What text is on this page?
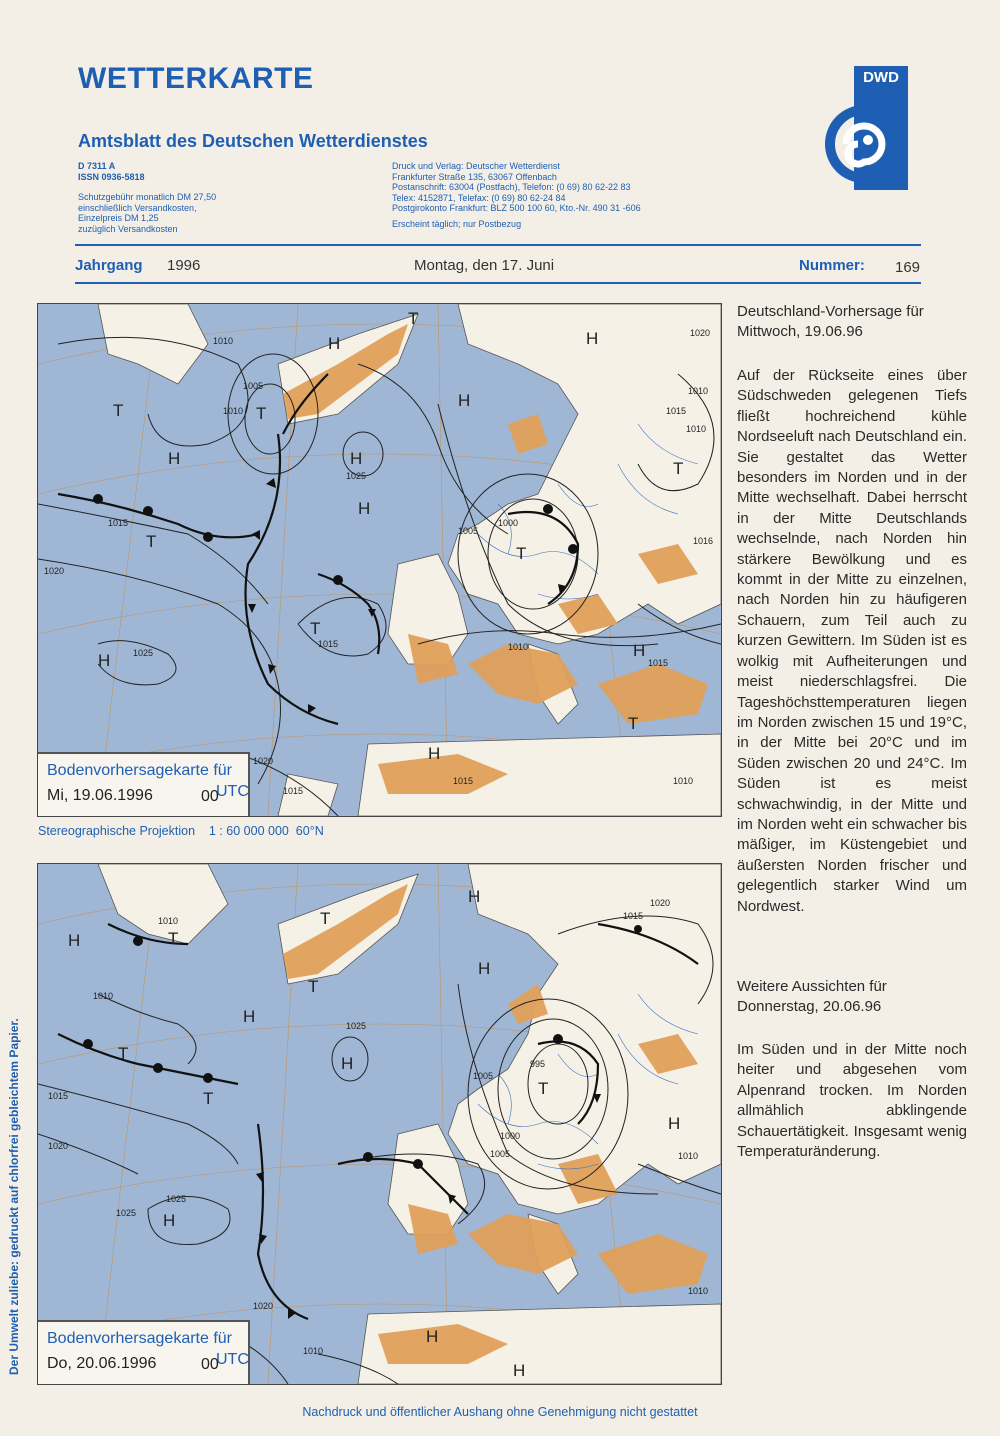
WETTERKARTE
Amtsblatt des Deutschen Wetterdienstes
D 7311 A
ISSN 0936-5818
Schutzgebühr monatlich DM 27,50
einschließlich Versandkosten,
Einzelpreis DM 1,25
zuzüglich Versandkosten
Druck und Verlag: Deutscher Wetterdienst
Frankfurter Straße 135, 63067 Offenbach
Postanschrift: 63004 (Postfach), Telefon: (0 69) 80 62-22 83
Telex: 4152871, Telefax: (0 69) 80 62-24 84
Postgirokonto Frankfurt: BLZ 500 100 60, Kto.-Nr. 490 31 -606
Erscheint täglich; nur Postbezug
DWD
Jahrgang 1996	Montag, den 17. Juni	Nummer: 169
H
H
H
H
H
H
H
H
H
T	T
T
T
T
T
T
T
1010
1005
1010
1025
1015
1020
1025
1015
1005
1000
1010
1015
1020
1016
1010
1015
1020
1015
1010
1015	1010
Bodenvorhersagekarte für
Mi, 19.06.1996	00
UTC
Stereographische Projektion    1 : 60 000 000  60°N
H
H
H
H
H
H
H
H
H
T
T
T
T
T
T
1010
1010
1025
1015
1020
1025
1025
1005
995
1000
1005
1015
1020
1010
1020
1010
1010
Bodenvorhersagekarte für
Do, 20.06.1996	00
UTC
Der Umwelt zuliebe: gedruckt auf chlorfrei gebleichtem Papier.
Deutschland-Vorhersage für Mittwoch, 19.06.96
Auf der Rückseite eines über Südschweden gelegenen Tiefs fließt hochreichend kühle Nordseeluft nach Deutschland ein. Sie gestaltet das Wetter besonders im Norden und in der Mitte wechselhaft. Dabei herrscht in der Mitte Deutschlands wechselnde, nach Norden hin stärkere Bewölkung und es kommt in der Mitte zu einzelnen, nach Norden hin zu häufigeren Schauern, zum Teil auch zu kurzen Gewittern. Im Süden ist es wolkig mit Aufheiterungen und meist niederschlagsfrei. Die Tageshöchsttemperaturen liegen im Norden zwischen 15 und 19°C, in der Mitte bei 20°C und im Süden zwischen 20 und 24°C. Im Süden ist es meist schwachwindig, in der Mitte und im Norden weht ein schwacher bis mäßiger, im Küstengebiet und äußersten Norden frischer und gelegentlich starker Wind um Nordwest.
Weitere Aussichten für Donnerstag, 20.06.96
Im Süden und in der Mitte noch heiter und abgesehen vom Alpenrand trocken. Im Norden allmählich abklingende Schauertätigkeit. Insgesamt wenig Temperaturänderung.
Nachdruck und öffentlicher Aushang ohne Genehmigung nicht gestattet
